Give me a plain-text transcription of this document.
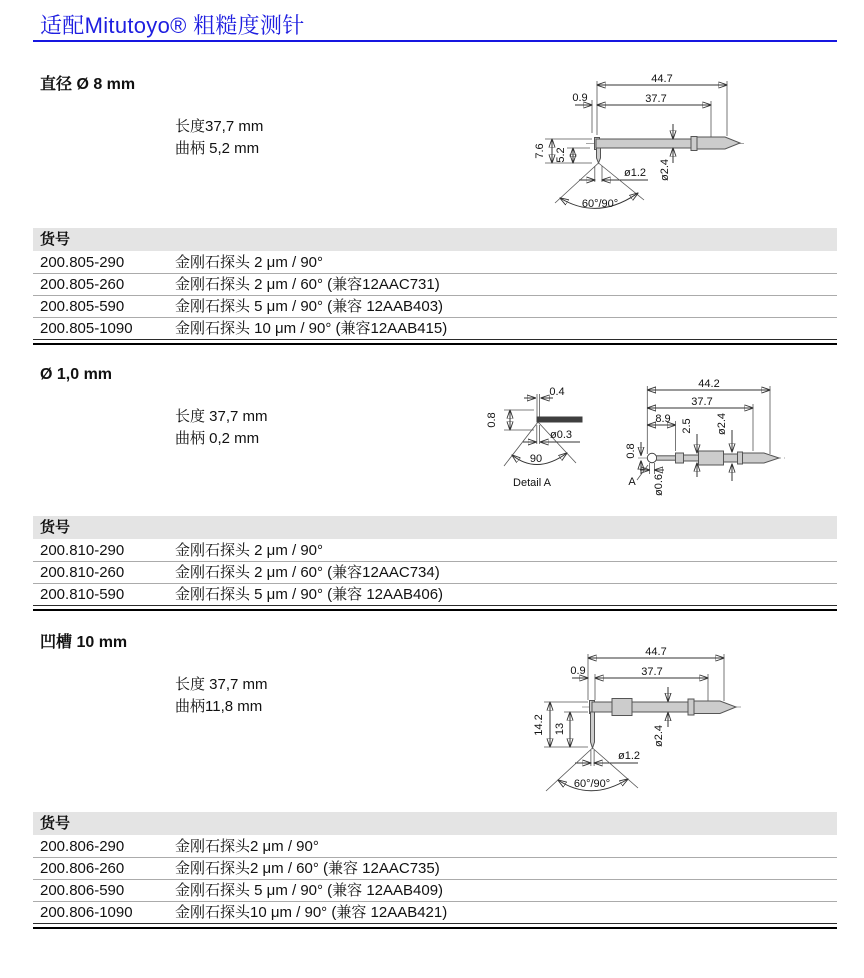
适配Mitutoyo® 粗糙度测针
直径 Ø 8 mm
长度37,7 mm
曲柄 5,2 mm
44.7
37.7
0.9
7.6 5.2
ø2.4
ø1.2
60°/90°
货号
200.805-290	金刚石探头 2 μm / 90°
200.805-260	金刚石探头 2 μm / 60° (兼容12AAC731)
200.805-590	金刚石探头 5 μm / 90° (兼容 12AAB403)
200.805-1090	金刚石探头 10 μm / 90° (兼容12AAB415)
Ø 1,0 mm
长度 37,7 mm
曲柄 0,2 mm
0.4
0.8
90
ø0.3
Detail A
44.2
37.7
8.9 2.5 ø2.4
0.8
ø0.6
A
货号
200.810-290	金刚石探头 2 μm / 90°
200.810-260	金刚石探头 2 μm / 60° (兼容12AAC734)
200.810-590	金刚石探头 5 μm / 90° (兼容 12AAB406)
凹槽 10 mm
长度 37,7 mm
曲柄11,8 mm
44.7
37.7
0.9
14.2 13	ø2.4
ø1.2
60°/90°
货号
200.806-290	金刚石探头2 μm / 90°
200.806-260	金刚石探头2 μm / 60° (兼容 12AAC735)
200.806-590	金刚石探头 5 μm / 90° (兼容 12AAB409)
200.806-1090	金刚石探头10 μm / 90° (兼容 12AAB421)
